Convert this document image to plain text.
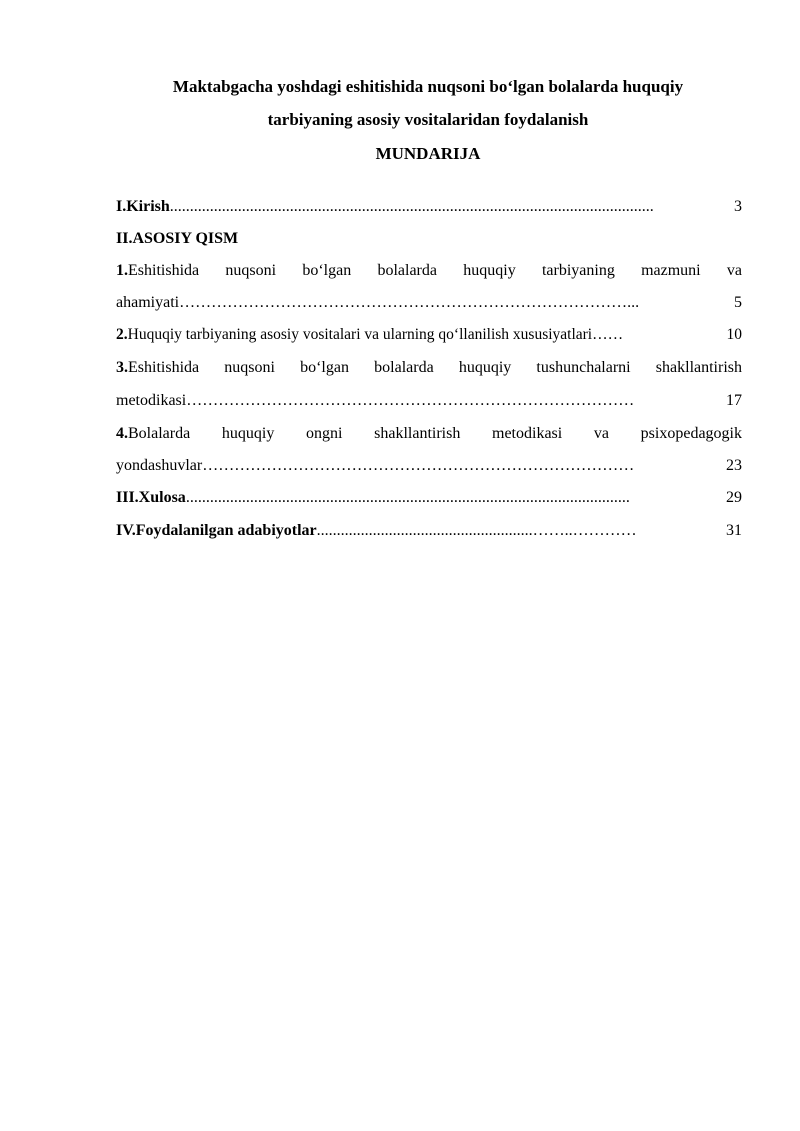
Maktabgacha yoshdagi eshitishida nuqsoni bo‘lgan bolalarda huquqiy
tarbiyaning asosiy vositalaridan foydalanish
MUNDARIJA
I.Kirish .........................................................................................................................	3
II.ASOSIY QISM
1.Eshitishida nuqsoni bo‘lgan bolalarda huquqiy tarbiyaning mazmuni va
ahamiyati …………………………………………………………………………...	5
2. Huquqiy tarbiyaning asosiy vositalari va ularning qo‘llanilish xususiyatlari ……	10
3.Eshitishida nuqsoni bo‘lgan bolalarda huquqiy tushunchalarni shakllantirish
metodikasi …………………………………………………………………………	17
4.Bolalarda huquqiy ongni shakllantirish metodikasi va psixopedagogik
yondashuvlar ………………………………………………………………………	23
III.Xulosa ...............................................................................................................	29
IV.Foydalanilgan adabiyotlar ......................................................……..…………	31
